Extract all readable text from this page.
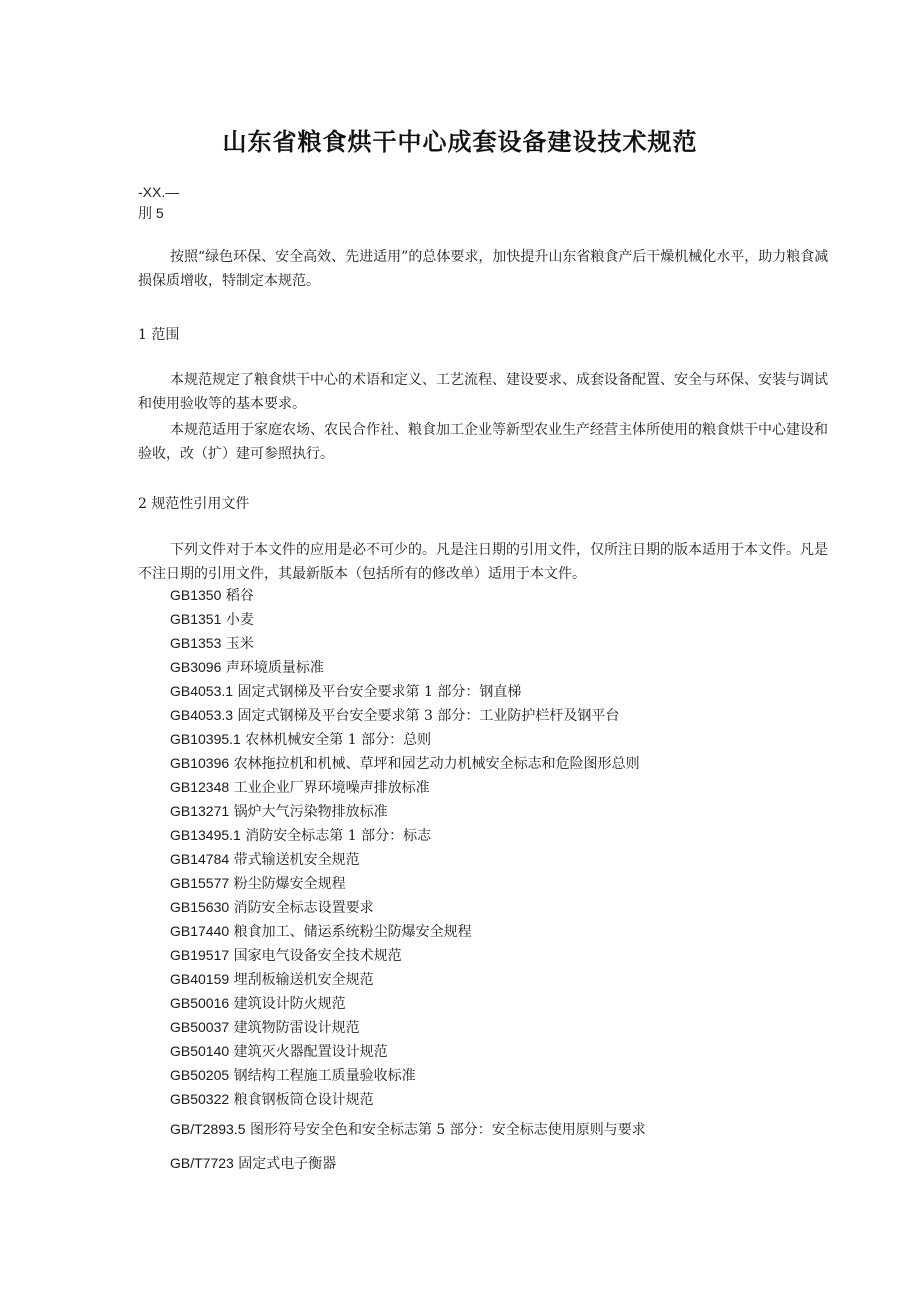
山东省粮食烘干中心成套设备建设技术规范
-XX.—
刖 5
按照“绿色环保、安全高效、先进适用”的总体要求，加快提升山东省粮食产后干燥机械化水平，助力粮食减损保质增收，特制定本规范。
1 范围
本规范规定了粮食烘干中心的术语和定义、工艺流程、建设要求、成套设备配置、安全与环保、安装与调试和使用验收等的基本要求。
本规范适用于家庭农场、农民合作社、粮食加工企业等新型农业生产经营主体所使用的粮食烘干中心建设和验收，改（扩）建可参照执行。
2 规范性引用文件
下列文件对于本文件的应用是必不可少的。凡是注日期的引用文件，仅所注日期的版本适用于本文件。凡是不注日期的引用文件，其最新版本（包括所有的修改单）适用于本文件。
GB1350 稻谷
GB1351 小麦
GB1353 玉米
GB3096 声环境质量标准
GB4053.1 固定式钢梯及平台安全要求第 1 部分：钢直梯
GB4053.3 固定式钢梯及平台安全要求第 3 部分：工业防护栏杆及钢平台
GB10395.1 农林机械安全第 1 部分：总则
GB10396 农林拖拉机和机械、草坪和园艺动力机械安全标志和危险图形总则
GB12348 工业企业厂界环境噪声排放标准
GB13271 锅炉大气污染物排放标准
GB13495.1 消防安全标志第 1 部分：标志
GB14784 带式输送机安全规范
GB15577 粉尘防爆安全规程
GB15630 消防安全标志设置要求
GB17440 粮食加工、储运系统粉尘防爆安全规程
GB19517 国家电气设备安全技术规范
GB40159 埋刮板输送机安全规范
GB50016 建筑设计防火规范
GB50037 建筑物防雷设计规范
GB50140 建筑灭火器配置设计规范
GB50205 钢结构工程施工质量验收标准
GB50322 粮食钢板筒仓设计规范
GB/T2893.5 图形符号安全色和安全标志第 5 部分：安全标志使用原则与要求
GB/T7723 固定式电子衡器
